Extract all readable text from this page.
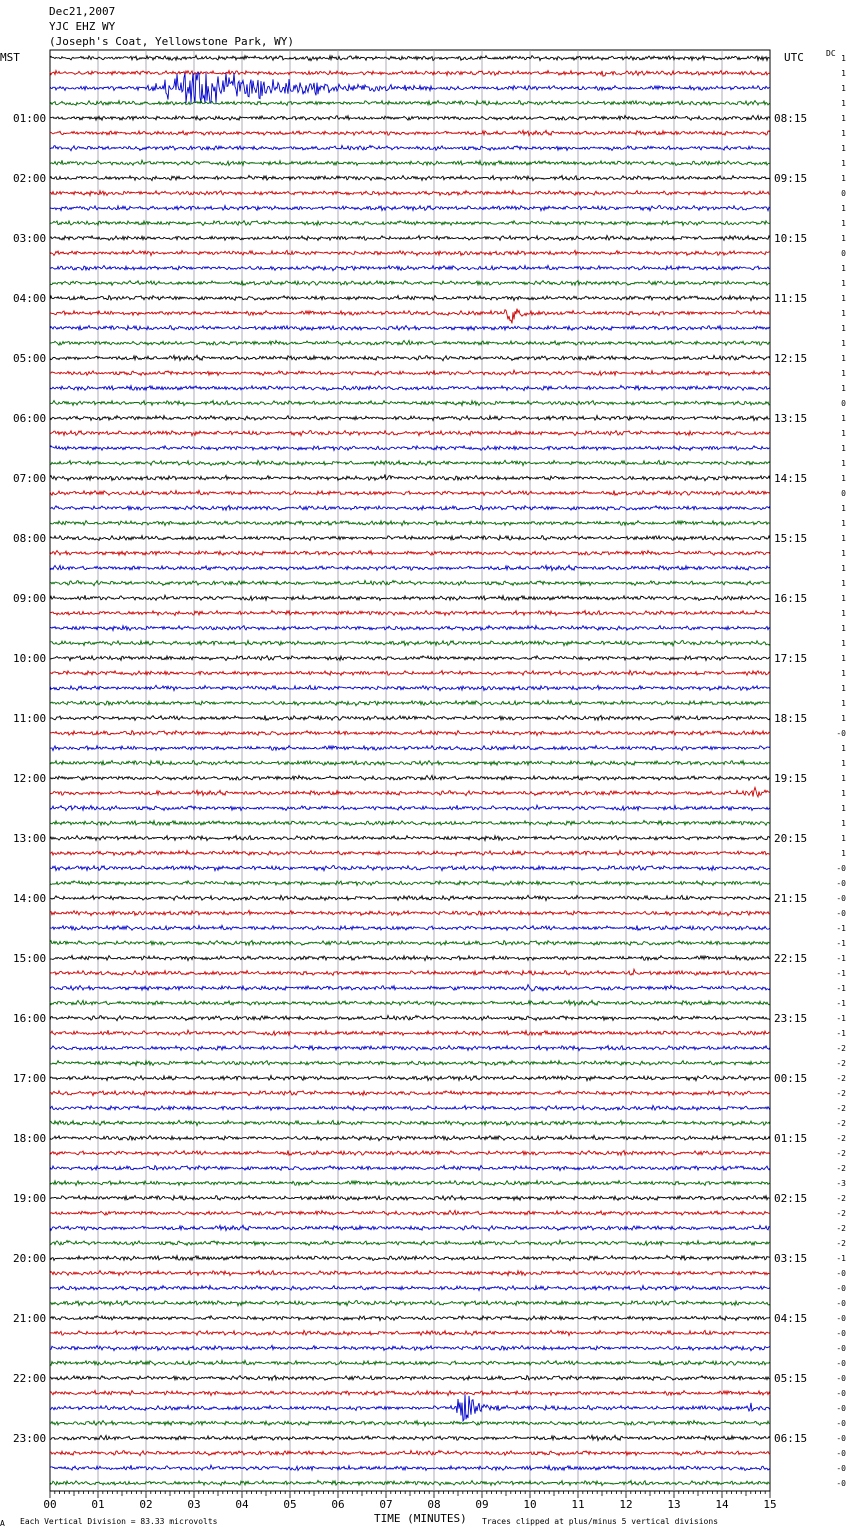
Dec21,2007
YJC EHZ WY
(Joseph's Coat, Yellowstone Park, WY)
MST	UTC	DC
TIME (MINUTES)
Each Vertical Division = 83.33 microvolts	Traces clipped at plus/minus 5 vertical divisions
A
00	01	02	03	04	05	06	07	08	09	10	11	12	13	14	15
01:00
02:00
03:00
04:00
05:00
06:00
07:00
08:00
09:00
10:00
11:00
12:00
13:00
14:00
15:00
16:00
17:00
18:00
19:00
20:00
21:00
22:00
23:00
08:15
09:15
10:15
11:15
12:15
13:15
14:15
15:15
16:15
17:15
18:15
19:15
20:15
21:15
22:15
23:15
00:15
01:15
02:15
03:15
04:15
05:15
06:15
1
1
1
1
1
1
1
1
1
0
1
1
1
0
1
1
1
1
1
1
1
1
1
0
1
1
1
1
1
0
1
1
1
1
1
1
1
1
1
1
1
1
1
1
1
-0
1
1
1
1
1
1
1
1
-0
-0
-0
-0
-1
-1
-1
-1
-1
-1
-1
-1
-2
-2
-2
-2
-2
-2
-2
-2
-2
-3
-2
-2
-2
-2
-1
-0
-0
-0
-0
-0
-0
-0
-0
-0
-0
-0
-0
-0
-0
-0
